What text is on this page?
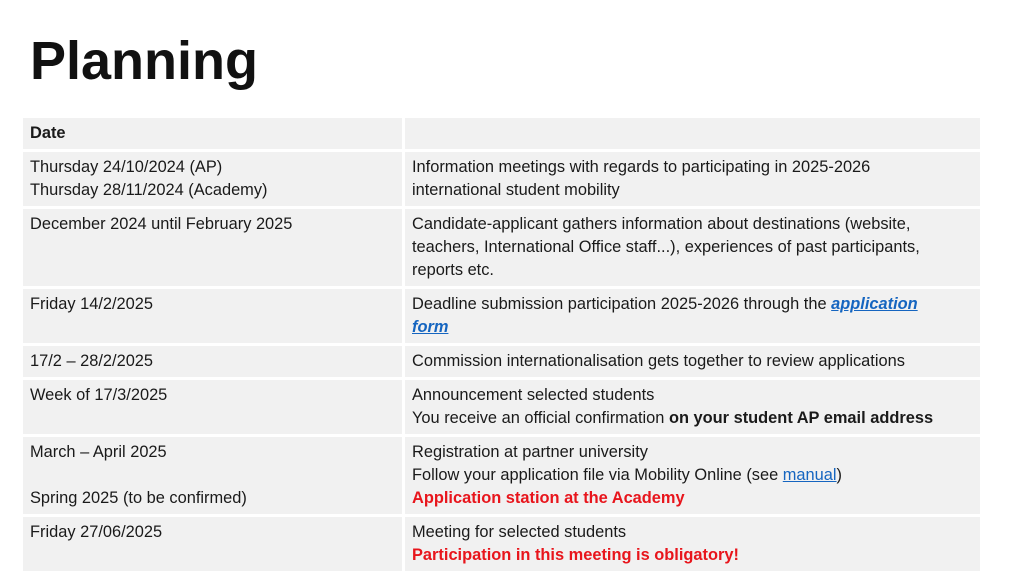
Planning
Date	

Thursday 24/10/2024 (AP)
Thursday 28/11/2024 (Academy)	Information meetings with regards to participating in 2025-2026
international student mobility

December 2024 until February 2025	Candidate-applicant gathers information about destinations (website,
teachers, International Office staff...), experiences of past participants,
reports etc.

Friday 14/2/2025	Deadline submission participation 2025-2026 through the application
form
17/2 – 28/2/2025	Commission internationalisation gets together to review applications
Week of 17/3/2025	Announcement selected students
You receive an official confirmation on your student AP email address

March – April 2025
Spring 2025 (to be confirmed)	Registration at partner university
Follow your application file via Mobility Online (see manual)
Application station at the Academy

Friday 27/06/2025	Meeting for selected students
Participation in this meeting is obligatory!
